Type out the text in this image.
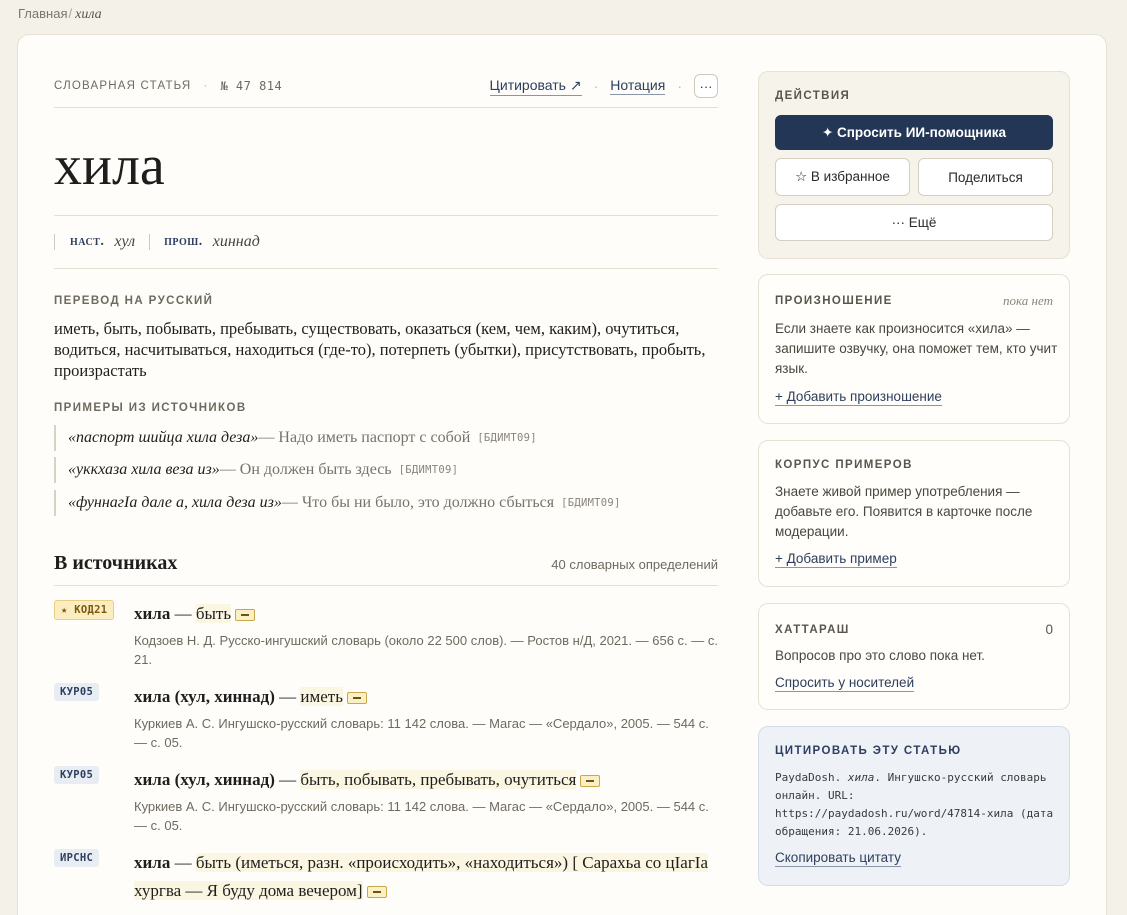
Главная/ хила
СЛОВАРНАЯ СТАТЬЯ · № 47 814	Цитировать ↗ · Нотация ·	···
хила
наст. хул прош. хиннад
ПЕРЕВОД НА РУССКИЙ
иметь, быть, побывать, пребывать, существовать, оказаться (кем, чем, каким), очутиться, водиться, насчитываться, находиться (где-то), потерпеть (убытки), присутствовать, пробыть, произрастать
ПРИМЕРЫ ИЗ ИСТОЧНИКОВ
«паспорт шийца хила деза» — Надо иметь паспорт с собой [БДИМТ09]
«уккхаза хила веза из» — Он должен быть здесь [БДИМТ09]
«фуннагIа дале а, хила деза из» — Что бы ни было, это должно сбыться [БДИМТ09]
В источниках	40 словарных определений
★ КОД21	хила — быть
Кодзоев Н. Д. Русско-ингушский словарь (около 22 500 слов). — Ростов н/Д, 2021. — 656 с. — с. 21.
КУР05	хила (хул, хиннад) — иметь
Куркиев А. С. Ингушско-русский словарь: 11 142 слова. — Магас — «Сердало», 2005. — 544 с. — с. 05.
КУР05	хила (хул, хиннад) — быть, побывать, пребывать, очутиться
Куркиев А. С. Ингушско-русский словарь: 11 142 слова. — Магас — «Сердало», 2005. — 544 с. — с. 05.
ИРСНС	хила — быть (иметься, разн. «происходить», «находиться») [ Сарахьа со цIагIа хургва — Я буду дома вечером]
ДЕЙСТВИЯ
✦ Спросить ИИ-помощника
☆ В избранное	Поделиться
··· Ещё
ПРОИЗНОШЕНИЕ	пока нет

Если знаете как произносится «хила» — запишите озвучку, она поможет тем, кто учит язык.

+ Добавить произношение
КОРПУС ПРИМЕРОВ

Знаете живой пример употребления — добавьте его. Появится в карточке после модерации.

+ Добавить пример
ХАТТАРАШ	0

Вопросов про это слово пока нет.

Спросить у носителей
ЦИТИРОВАТЬ ЭТУ СТАТЬЮ
PaydaDosh. хила. Ингушско-русский словарь онлайн. URL: https://paydadosh.ru/word/47814-хила (дата обращения: 21.06.2026).
Скопировать цитату
